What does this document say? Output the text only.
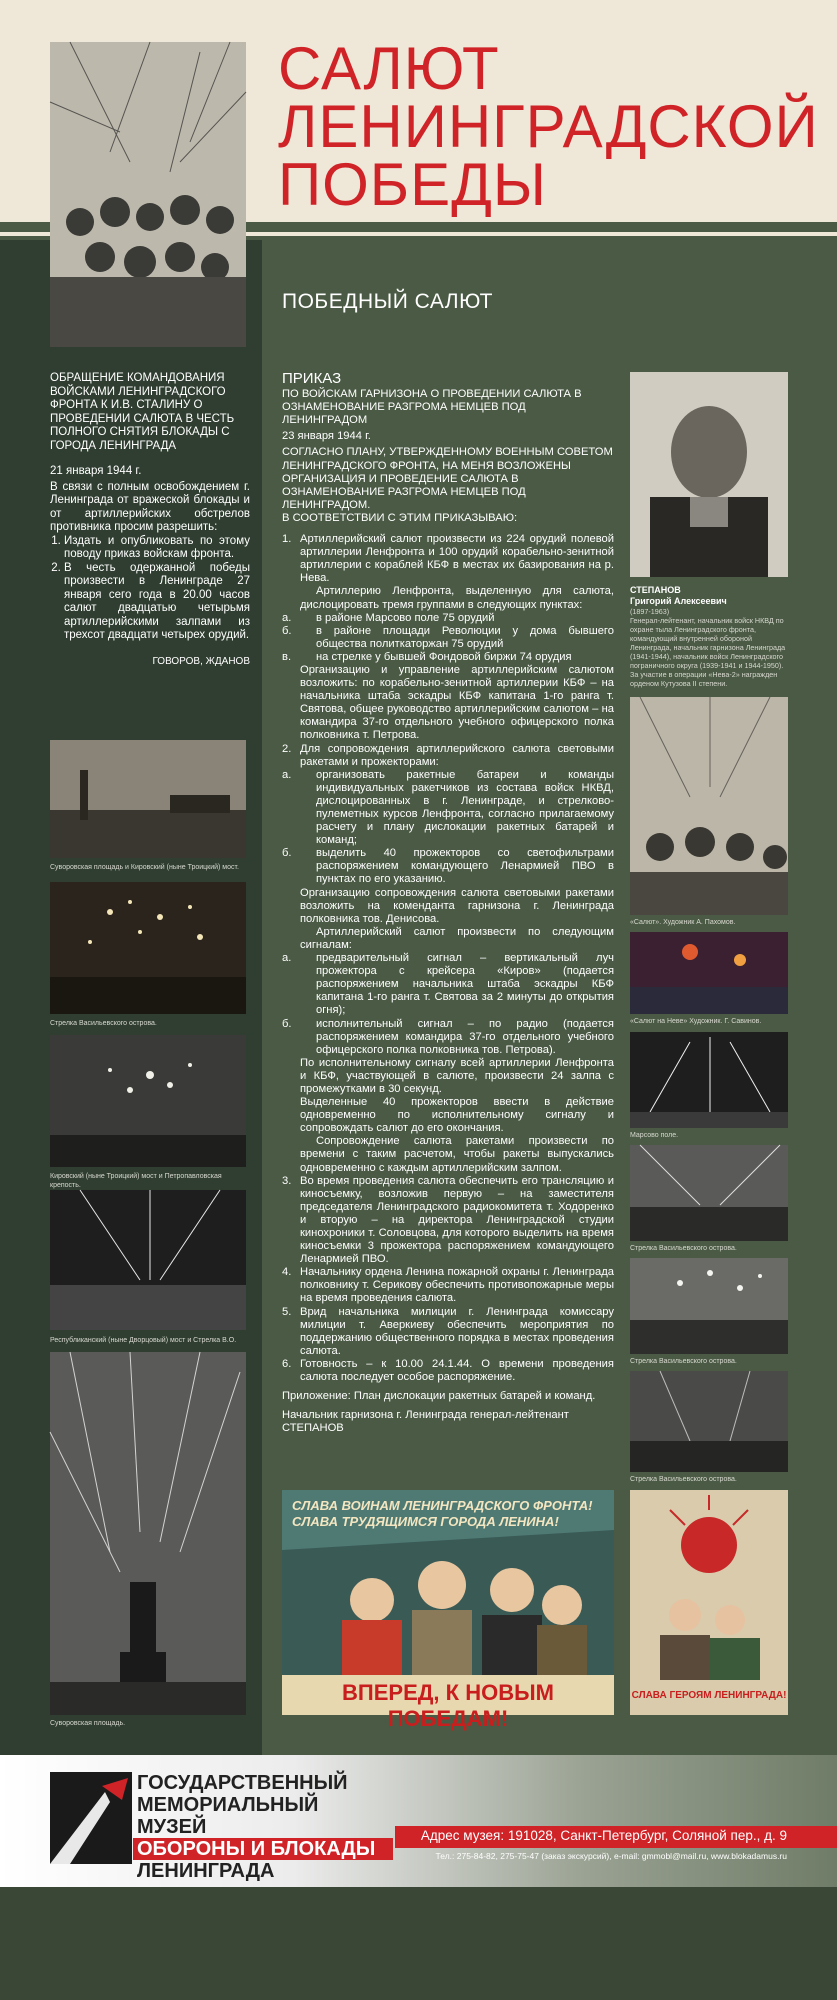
САЛЮТ
ЛЕНИНГРАДСКОЙ
ПОБЕДЫ
ПОБЕДНЫЙ САЛЮТ
ОБРАЩЕНИЕ КОМАНДОВАНИЯ ВОЙСКАМИ ЛЕНИНГРАДСКОГО ФРОНТА К И.В. СТАЛИНУ О ПРОВЕДЕНИИ САЛЮТА В ЧЕСТЬ ПОЛНОГО СНЯТИЯ БЛОКАДЫ С ГОРОДА ЛЕНИНГРАДА
21 января 1944 г.
В связи с полным освобождением г. Ленинграда от вражеской блокады и от артиллерийских обстрелов противника просим разрешить:
1. Издать и опубликовать по этому поводу приказ войскам фронта.
2. В честь одержанной победы произвести в Ленинграде 27 января сего года в 20.00 часов салют двадцатью четырьмя артиллерийскими залпами из трехсот двадцати четырех орудий.
ГОВОРОВ, ЖДАНОВ
Суворовская площадь и Кировский (ныне Троицкий) мост.
Стрелка Васильевского острова.
Кировский (ныне Троицкий) мост и Петропавловская крепость.
Республиканский (ныне Дворцовый) мост и Стрелка В.О.
Суворовская площадь.
ПРИКАЗ

ПО ВОЙСКАМ ГАРНИЗОНА О ПРОВЕДЕНИИ САЛЮТА В ОЗНАМЕНОВАНИЕ РАЗГРОМА НЕМЦЕВ ПОД ЛЕНИНГРАДОМ

23 января 1944 г.

СОГЛАСНО ПЛАНУ, УТВЕРЖДЕННОМУ ВОЕННЫМ СОВЕТОМ ЛЕНИНГРАДСКОГО ФРОНТА, НА МЕНЯ ВОЗЛОЖЕНЫ ОРГАНИЗАЦИЯ И ПРОВЕДЕНИЕ САЛЮТА В ОЗНАМЕНОВАНИЕ РАЗГРОМА НЕМЦЕВ ПОД ЛЕНИНГРАДОМ.

В СООТВЕТСТВИИ С ЭТИМ ПРИКАЗЫВАЮ:

1. Артиллерийский салют произвести из 224 орудий полевой артиллерии Ленфронта и 100 орудий корабельно-зенитной артиллерии с кораблей КБФ в местах их базирования на р. Нева.

Артиллерию Ленфронта, выделенную для салюта, дислоцировать тремя группами в следующих пунктах:

а.	в районе Марсово поле 75 орудий
б.	в районе площади Революции у дома бывшего общества политкаторжан 75 орудий
в.	на стрелке у бывшей Фондовой биржи 74 орудия

Организацию и управление артиллерийским салютом возложить: по корабельно-зенитной артиллерии КБФ – на начальника штаба эскадры КБФ капитана 1-го ранга т. Святова, общее руководство артиллерийским салютом – на командира 37-го отдельного учебного офицерского полка полковника т. Петрова.

2. Для сопровождения артиллерийского салюта световыми ракетами и прожекторами:
а.	организовать ракетные батареи и команды индивидуальных ракетчиков из состава войск НКВД, дислоцированных в г. Ленинграде, и стрелково-пулеметных курсов Ленфронта, согласно прилагаемому расчету и плану дислокации ракетных батарей и команд;
б.	выделить 40 прожекторов со светофильтрами распоряжением командующего Ленармией ПВО в пунктах по его указанию.

Организацию сопровождения салюта световыми ракетами возложить на коменданта гарнизона г. Ленинграда полковника тов. Денисова.

Артиллерийский салют произвести по следующим сигналам:

а.	предварительный сигнал – вертикальный луч прожектора с крейсера «Киров» (подается распоряжением начальника штаба эскадры КБФ капитана 1-го ранга т. Святова за 2 минуты до открытия огня);
б.	исполнительный сигнал – по радио (подается распоряжением командира 37-го отдельного учебного офицерского полка полковника тов. Петрова).

По исполнительному сигналу всей артиллерии Ленфронта и КБФ, участвующей в салюте, произвести 24 залпа с промежутками в 30 секунд.

Выделенные 40 прожекторов ввести в действие одновременно по исполнительному сигналу и сопровождать салют до его окончания.

Сопровождение салюта ракетами произвести по времени с таким расчетом, чтобы ракеты выпускались одновременно с каждым артиллерийским залпом.

3. Во время проведения салюта обеспечить его трансляцию и киносъемку, возложив первую – на заместителя председателя Ленинградского радиокомитета т. Ходоренко и вторую – на директора Ленинградской студии кинохроники т. Соловцова, для которого выделить на время киносъемки 3 прожектора распоряжением командующего Ленармией ПВО.
4. Начальнику ордена Ленина пожарной охраны г. Ленинграда полковнику т. Серикову обеспечить противопожарные меры на время проведения салюта.
5. Врид начальника милиции г. Ленинграда комиссару милиции т. Аверкиеву обеспечить мероприятия по поддержанию общественного порядка в местах проведения салюта.
6. Готовность – к 10.00 24.1.44. О времени проведения салюта последует особое распоряжение.

Приложение: План дислокации ракетных батарей и команд.

Начальник гарнизона г. Ленинграда генерал-лейтенант СТЕПАНОВ

СТЕПАНОВ
Григорий Алексеевич
(1897-1963)
Генерал-лейтенант, начальник войск НКВД по охране тыла Ленинградского фронта, командующий внутренней обороной Ленинграда, начальник гарнизона Ленинграда (1941-1944), начальник войск Ленинградского пограничного округа (1939-1941 и 1944-1950). За участие в операции «Нева-2» награжден орденом Кутузова II степени.
«Салют». Художник А. Пахомов.
«Салют на Неве» Художник. Г. Савинов.
Марсово поле.
Стрелка Васильевского острова.
Стрелка Васильевского острова.
Стрелка Васильевского острова.
СЛАВА ВОИНАМ ЛЕНИНГРАДСКОГО ФРОНТА!
СЛАВА ТРУДЯЩИМСЯ ГОРОДА ЛЕНИНА!
ВПЕРЕД, К НОВЫМ ПОБЕДАМ!
СЛАВА ГЕРОЯМ ЛЕНИНГРАДА!
ГОСУДАРСТВЕННЫЙ
МЕМОРИАЛЬНЫЙ МУЗЕЙ
ОБОРОНЫ И БЛОКАДЫ
ЛЕНИНГРАДА
Адрес музея: 191028, Санкт-Петербург, Соляной пер., д. 9
Тел.: 275-84-82, 275-75-47 (заказ экскурсий), e-mail: gmmobl@mail.ru, www.blokadamus.ru
